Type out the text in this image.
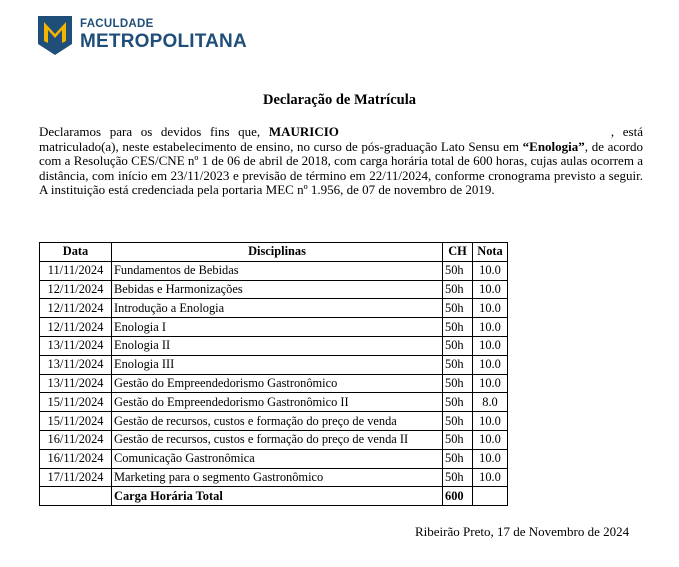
FACULDADE
METROPOLITANA
Declaração de Matrícula
Declaramos para os devidos fins que, MAURICIO	, está matriculado(a), neste estabelecimento de ensino, no curso de pós-graduação Lato Sensu em “Enologia”, de acordo com a Resolução CES/CNE nº 1 de 06 de abril de 2018, com carga horária total de 600 horas, cujas aulas ocorrem a distância, com início em 23/11/2023 e previsão de término em 22/11/2024, conforme cronograma previsto a seguir. A instituição está credenciada pela portaria MEC nº 1.956, de 07 de novembro de 2019.
Data	Disciplinas	CH	Nota
11/11/2024	Fundamentos de Bebidas	50h	10.0
12/11/2024	Bebidas e Harmonizações	50h	10.0
12/11/2024	Introdução a Enologia	50h	10.0
12/11/2024	Enologia I	50h	10.0
13/11/2024	Enologia II	50h	10.0
13/11/2024	Enologia III	50h	10.0
13/11/2024	Gestão do Empreendedorismo Gastronômico	50h	10.0
15/11/2024	Gestão do Empreendedorismo Gastronômico II	50h	8.0
15/11/2024	Gestão de recursos, custos e formação do preço de venda	50h	10.0
16/11/2024	Gestão de recursos, custos e formação do preço de venda II	50h	10.0
16/11/2024	Comunicação Gastronômica	50h	10.0
17/11/2024	Marketing para o segmento Gastronômico	50h	10.0
	Carga Horária Total	600	
Ribeirão Preto, 17 de Novembro de 2024
